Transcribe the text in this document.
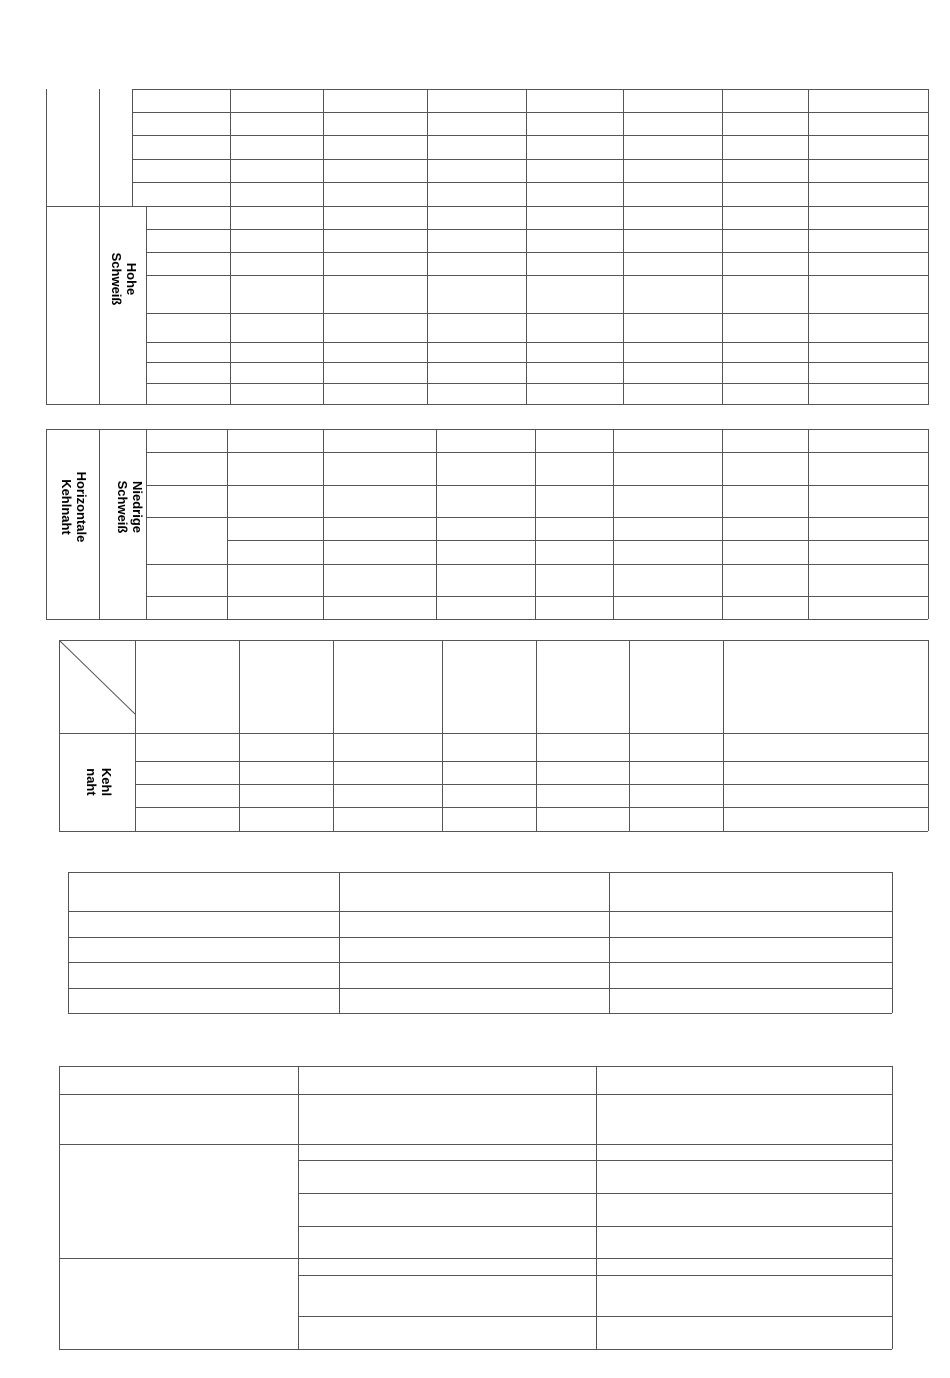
Hohe
Schweiß
Niedrige
Schweiß
Horizontale
Kehlnaht
Kehl
naht
